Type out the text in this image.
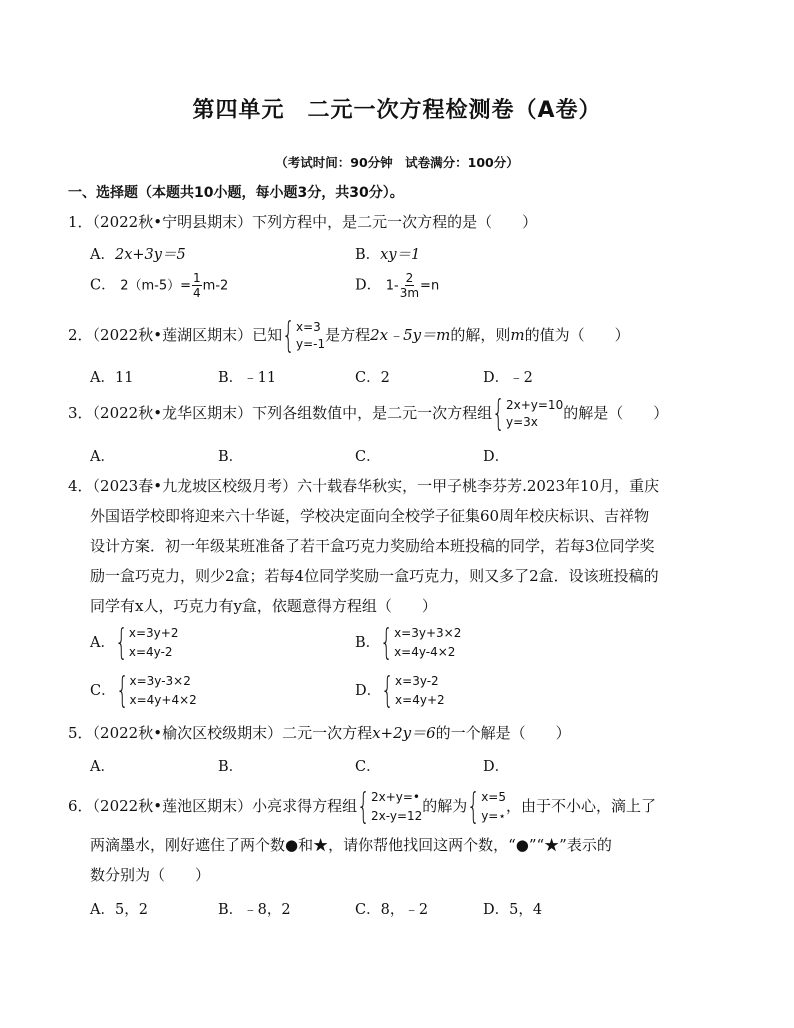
第四单元　二元一次方程检测卷（A卷）
（考试时间：90分钟　试卷满分：100分）
一、选择题（本题共10小题，每小题3分，共30分）。
1．（2022秋•宁明县期末）下列方程中，是二元一次方程的是（　　）
A．2x+3y＝5	B．xy＝1
C． $2(m-5)= \frac{1}{4} m-2$	D． $1- \frac{2}{3m} =n$
2．（2022秋•莲湖区期末）已知 { x=3
y=-1 是方程2x﹣5y＝m的解，则m的值为（　　）
A．11	B．﹣11	C．2	D．﹣2
3．（2022秋•龙华区期末）下列各组数值中，是二元一次方程组 { 2x+y=10
y=3x	的解是（　　）
A．	B．	C．	D．
4．（2023春•九龙坡区校级月考）六十载春华秋实，一甲子桃李芬芳.2023年10月，重庆
外国语学校即将迎来六十华诞，学校决定面向全校学子征集60周年校庆标识、吉祥物
设计方案．初一年级某班准备了若干盒巧克力奖励给本班投稿的同学，若每3位同学奖
励一盒巧克力，则少2盒；若每4位同学奖励一盒巧克力，则又多了2盒．设该班投稿的
同学有x人，巧克力有y盒，依题意得方程组（　　）
A． { x=3y+2
x=4y-2
B． { x=3y+3×2
x=4y-4×2
C． { x=3y-3×2
x=4y+4×2
D． { x=3y-2
x=4y+2
5．（2022秋•榆次区校级期末）二元一次方程x+2y＝6的一个解是（　　）
A．	B．	C．	D．
6．（2022秋•莲池区期末）小亮求得方程组 { 2x+y=•
2x-y=12
的解为 { x=5
y=⋆
，由于不小心，滴上了
两滴墨水，刚好遮住了两个数●和★，请你帮他找回这两个数，“●”“★”表示的
数分别为（　　）
A．5，2	B．﹣8，2	C．8，﹣2	D．5，4
